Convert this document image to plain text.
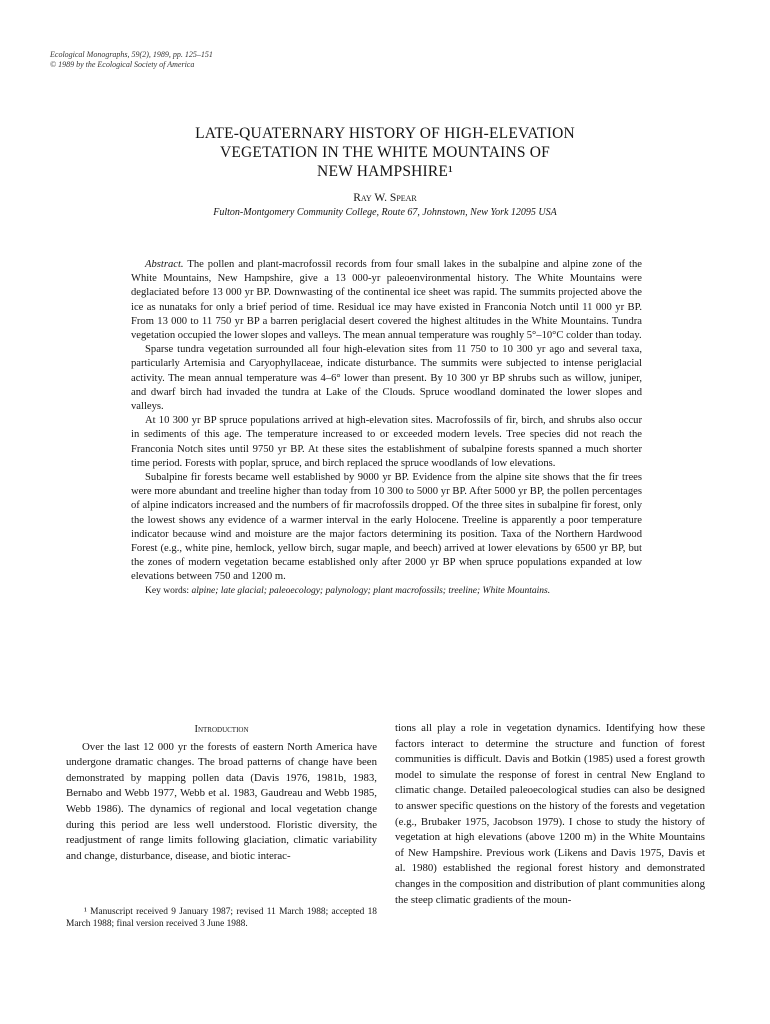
Ecological Monographs, 59(2), 1989, pp. 125–151
© 1989 by the Ecological Society of America
LATE-QUATERNARY HISTORY OF HIGH-ELEVATION
VEGETATION IN THE WHITE MOUNTAINS OF
NEW HAMPSHIRE¹
Ray W. Spear
Fulton-Montgomery Community College, Route 67, Johnstown, New York 12095 USA

Abstract. The pollen and plant-macrofossil records from four small lakes in the subalpine and alpine zone of the White Mountains, New Hampshire, give a 13 000-yr paleoenvironmental history. The White Mountains were deglaciated before 13 000 yr BP. Downwasting of the continental ice sheet was rapid. The summits projected above the ice as nunataks for only a brief period of time. Residual ice may have existed in Franconia Notch until 11 000 yr BP. From 13 000 to 11 750 yr BP a barren periglacial desert covered the highest altitudes in the White Mountains. Tundra vegetation occupied the lower slopes and valleys. The mean annual temperature was roughly 5°–10°C colder than today.

Sparse tundra vegetation surrounded all four high-elevation sites from 11 750 to 10 300 yr ago and several taxa, particularly Artemisia and Caryophyllaceae, indicate disturbance. The summits were subjected to intense periglacial activity. The mean annual temperature was 4–6° lower than present. By 10 300 yr BP shrubs such as willow, juniper, and dwarf birch had invaded the tundra at Lake of the Clouds. Spruce woodland dominated the lower slopes and valleys.

At 10 300 yr BP spruce populations arrived at high-elevation sites. Macrofossils of fir, birch, and shrubs also occur in sediments of this age. The temperature increased to or exceeded modern levels. Tree species did not reach the Franconia Notch sites until 9750 yr BP. At these sites the establishment of subalpine forests spanned a much shorter time period. Forests with poplar, spruce, and birch replaced the spruce woodlands of low elevations.

Subalpine fir forests became well established by 9000 yr BP. Evidence from the alpine site shows that the fir trees were more abundant and treeline higher than today from 10 300 to 5000 yr BP. After 5000 yr BP, the pollen percentages of alpine indicators increased and the numbers of fir macrofossils dropped. Of the three sites in subalpine fir forest, only the lowest shows any evidence of a warmer interval in the early Holocene. Treeline is apparently a poor temperature indicator because wind and moisture are the major factors determining its position. Taxa of the Northern Hardwood Forest (e.g., white pine, hemlock, yellow birch, sugar maple, and beech) arrived at lower elevations by 6500 yr BP, but the zones of modern vegetation became established only after 2000 yr BP when spruce populations expanded at low elevations between 750 and 1200 m.

Key words: alpine; late glacial; paleoecology; palynology; plant macrofossils; treeline; White Mountains.

Introduction

Over the last 12 000 yr the forests of eastern North America have undergone dramatic changes. The broad patterns of change have been demonstrated by mapping pollen data (Davis 1976, 1981b, 1983, Bernabo and Webb 1977, Webb et al. 1983, Gaudreau and Webb 1985, Webb 1986). The dynamics of regional and local vegetation change during this period are less well understood. Floristic diversity, the readjustment of range limits following glaciation, climatic variability and change, disturbance, disease, and biotic interac-

tions all play a role in vegetation dynamics. Identifying how these factors interact to determine the structure and function of forest communities is difficult. Davis and Botkin (1985) used a forest growth model to simulate the response of forest in central New England to climatic change. Detailed paleoecological studies can also be designed to answer specific questions on the history of the forests and vegetation (e.g., Brubaker 1975, Jacobson 1979). I chose to study the history of vegetation at high elevations (above 1200 m) in the White Mountains of New Hampshire. Previous work (Likens and Davis 1975, Davis et al. 1980) established the regional forest history and demonstrated changes in the composition and distribution of plant communities along the steep climatic gradients of the moun-

¹ Manuscript received 9 January 1987; revised 11 March 1988; accepted 18 March 1988; final version received 3 June 1988.
